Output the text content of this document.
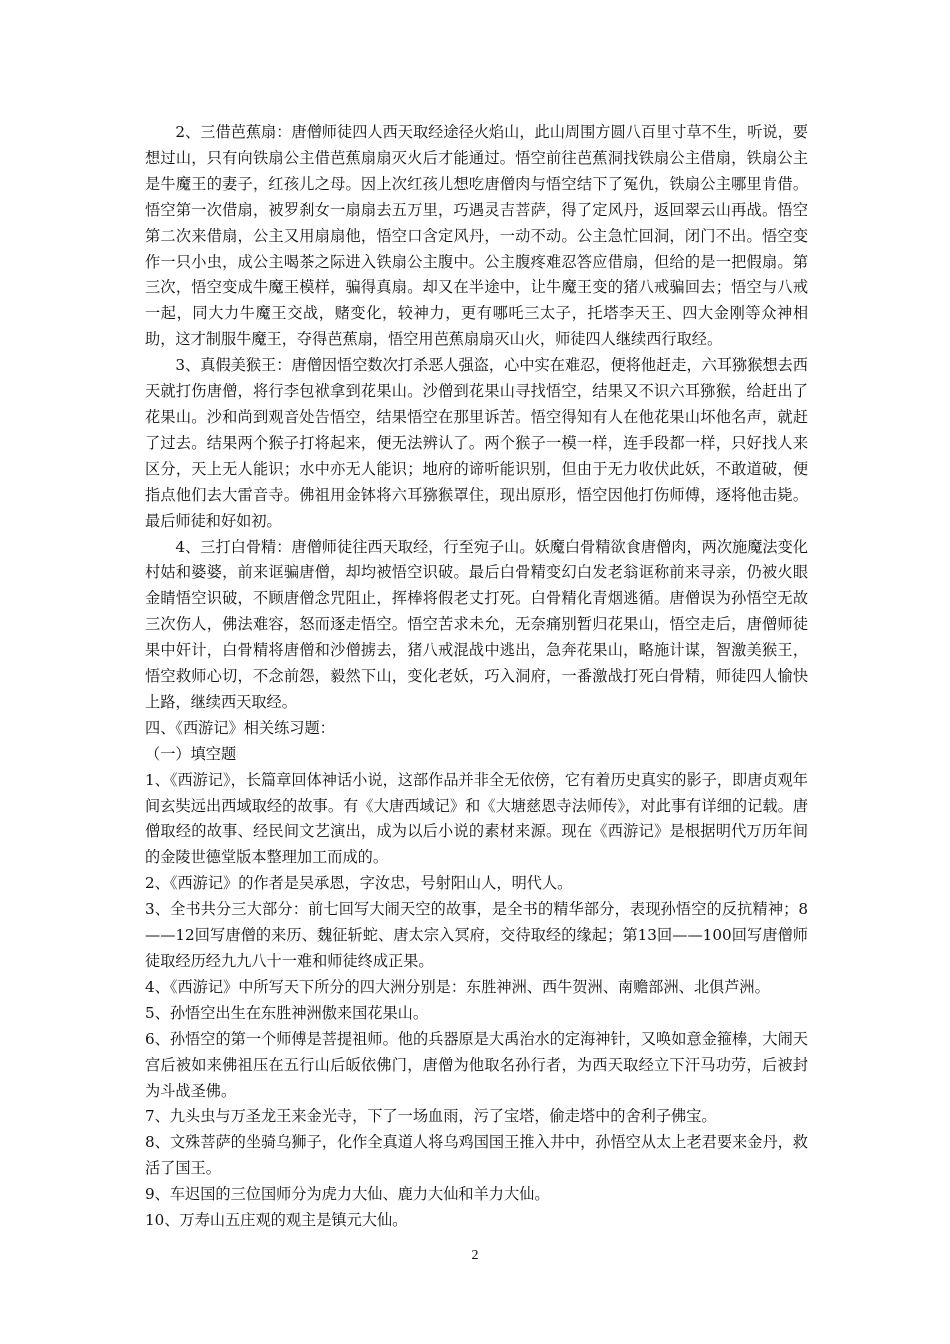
2、三借芭蕉扇：唐僧师徒四人西天取经途径火焰山，此山周围方圆八百里寸草不生，听说，要想过山，只有向铁扇公主借芭蕉扇扇灭火后才能通过。悟空前往芭蕉洞找铁扇公主借扇，铁扇公主是牛魔王的妻子，红孩儿之母。因上次红孩儿想吃唐僧肉与悟空结下了冤仇，铁扇公主哪里肯借。悟空第一次借扇，被罗刹女一扇扇去五万里，巧遇灵吉菩萨，得了定风丹，返回翠云山再战。悟空第二次来借扇，公主又用扇扇他，悟空口含定风丹，一动不动。公主急忙回洞，闭门不出。悟空变作一只小虫，成公主喝茶之际进入铁扇公主腹中。公主腹疼难忍答应借扇，但给的是一把假扇。第三次，悟空变成牛魔王模样，骗得真扇。却又在半途中，让牛魔王变的猪八戒骗回去；悟空与八戒一起，同大力牛魔王交战，赌变化，较神力，更有哪吒三太子，托塔李天王、四大金刚等众神相助，这才制服牛魔王，夺得芭蕉扇，悟空用芭蕉扇扇灭山火，师徒四人继续西行取经。

3、真假美猴王：唐僧因悟空数次打杀恶人强盗，心中实在难忍，便将他赶走，六耳猕猴想去西天就打伤唐僧，将行李包袱拿到花果山。沙僧到花果山寻找悟空，结果又不识六耳猕猴，给赶出了花果山。沙和尚到观音处告悟空，结果悟空在那里诉苦。悟空得知有人在他花果山坏他名声，就赶了过去。结果两个猴子打将起来，便无法辨认了。两个猴子一模一样，连手段都一样，只好找人来区分，天上无人能识；水中亦无人能识；地府的谛听能识别，但由于无力收伏此妖，不敢道破，便指点他们去大雷音寺。佛祖用金钵将六耳猕猴罩住，现出原形，悟空因他打伤师傅，逐将他击毙。最后师徒和好如初。

4、三打白骨精：唐僧师徒往西天取经，行至宛子山。妖魔白骨精欲食唐僧肉，两次施魔法变化村姑和婆婆，前来诓骗唐僧，却均被悟空识破。最后白骨精变幻白发老翁诓称前来寻亲，仍被火眼金睛悟空识破，不顾唐僧念咒阻止，挥棒将假老丈打死。白骨精化青烟逃循。唐僧误为孙悟空无故三次伤人，佛法难容，怒而逐走悟空。悟空苦求未允，无奈痛别暂归花果山，悟空走后，唐僧师徒果中奸计，白骨精将唐僧和沙僧掳去，猪八戒混战中逃出，急奔花果山，略施计谋，智激美猴王，悟空救师心切，不念前怨，毅然下山，变化老妖，巧入洞府，一番激战打死白骨精，师徒四人愉快上路，继续西天取经。

四、《西游记》相关练习题：

（一）填空题

1、《西游记》，长篇章回体神话小说，这部作品并非全无依傍，它有着历史真实的影子，即唐贞观年间玄奘远出西域取经的故事。有《大唐西域记》和《大塘慈恩寺法师传》，对此事有详细的记载。唐僧取经的故事、经民间文艺演出，成为以后小说的素材来源。现在《西游记》是根据明代万历年间的金陵世德堂版本整理加工而成的。

2、《西游记》的作者是吴承恩，字汝忠，号射阳山人，明代人。

3、全书共分三大部分：前七回写大闹天空的故事，是全书的精华部分，表现孙悟空的反抗精神；8——12回写唐僧的来历、魏征斩蛇、唐太宗入冥府，交待取经的缘起；第13回——100回写唐僧师徒取经历经九九八十一难和师徒终成正果。

4、《西游记》中所写天下所分的四大洲分别是：东胜神洲、西牛贺洲、南赡部洲、北俱芦洲。

5、孙悟空出生在东胜神洲傲来国花果山。

6、孙悟空的第一个师傅是菩提祖师。他的兵器原是大禹治水的定海神针，又唤如意金箍棒，大闹天宫后被如来佛祖压在五行山后皈依佛门，唐僧为他取名孙行者，为西天取经立下汗马功劳，后被封为斗战圣佛。

7、九头虫与万圣龙王来金光寺，下了一场血雨，污了宝塔，偷走塔中的舍利子佛宝。

8、文殊菩萨的坐骑乌狮子，化作全真道人将乌鸡国国王推入井中，孙悟空从太上老君要来金丹，救活了国王。

9、车迟国的三位国师分为虎力大仙、鹿力大仙和羊力大仙。

10、万寿山五庄观的观主是镇元大仙。

2
